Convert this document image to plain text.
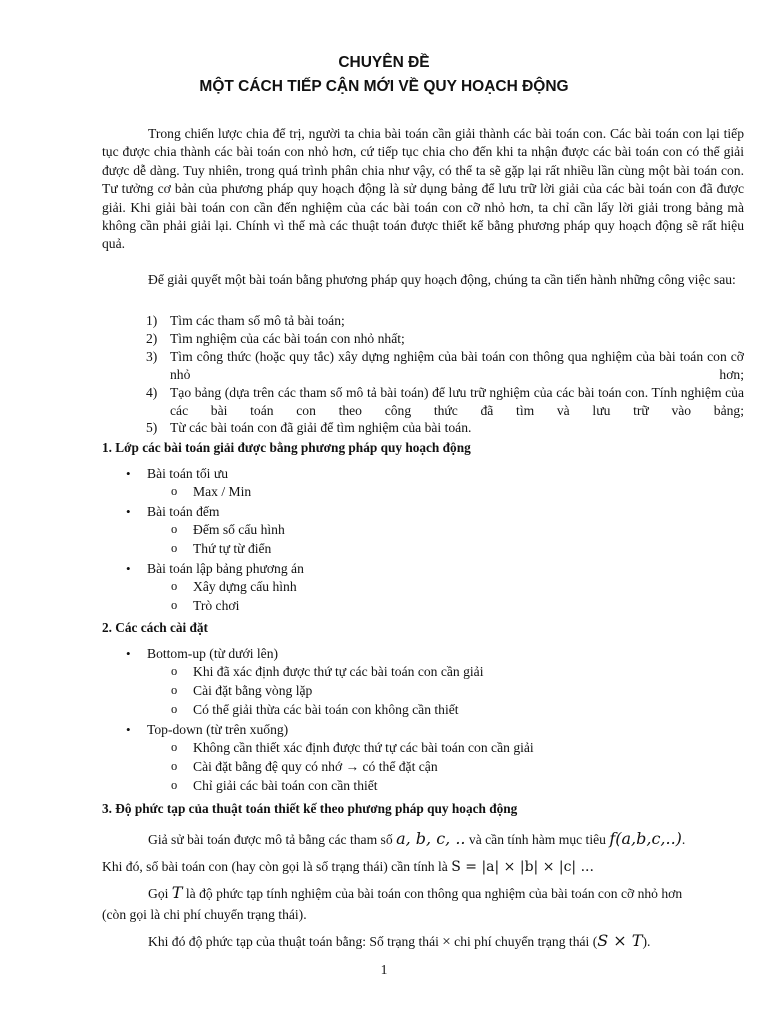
CHUYÊN ĐỀ
MỘT CÁCH TIẾP CẬN MỚI VỀ QUY HOẠCH ĐỘNG

Trong chiến lược chia để trị, người ta chia bài toán cần giải thành các bài toán con. Các bài toán con lại tiếp tục được chia thành các bài toán con nhỏ hơn, cứ tiếp tục chia cho đến khi ta nhận được các bài toán con có thể giải được dễ dàng. Tuy nhiên, trong quá trình phân chia như vậy, có thể ta sẽ gặp lại rất nhiều lần cùng một bài toán con. Tư tưởng cơ bản của phương pháp quy hoạch động là sử dụng bảng để lưu trữ lời giải của các bài toán con đã được giải. Khi giải bài toán con cần đến nghiệm của các bài toán con cỡ nhỏ hơn, ta chỉ cần lấy lời giải trong bảng mà không cần phải giải lại. Chính vì thế mà các thuật toán được thiết kế bằng phương pháp quy hoạch động sẽ rất hiệu quả.

Để giải quyết một bài toán bằng phương pháp quy hoạch động, chúng ta cần tiến hành những công việc sau:

1) Tìm các tham số mô tả bài toán;
2) Tìm nghiệm của các bài toán con nhỏ nhất;
3) Tìm công thức (hoặc quy tắc) xây dựng nghiệm của bài toán con thông qua nghiệm của bài toán con cỡ nhỏ hơn;
4) Tạo bảng (dựa trên các tham số mô tả bài toán) để lưu trữ nghiệm của các bài toán con. Tính nghiệm của các bài toán con theo công thức đã tìm và lưu trữ vào bảng;
5) Từ các bài toán con đã giải để tìm nghiệm của bài toán.
1. Lớp các bài toán giải được bằng phương pháp quy hoạch động
• Bài toán tối ưu
o Max / Min
• Bài toán đếm
o Đếm số cấu hình
o Thứ tự từ điển
• Bài toán lập bảng phương án
o Xây dựng cấu hình
o Trò chơi
2. Các cách cài đặt
• Bottom-up (từ dưới lên)
o Khi đã xác định được thứ tự các bài toán con cần giải
o Cài đặt bằng vòng lặp
o Có thể giải thừa các bài toán con không cần thiết
• Top-down (từ trên xuống)
o Không cần thiết xác định được thứ tự các bài toán con cần giải
o Cài đặt bằng đệ quy có nhớ → có thể đặt cận
o Chỉ giải các bài toán con cần thiết
3. Độ phức tạp của thuật toán thiết kế theo phương pháp quy hoạch động
Giả sử bài toán được mô tả bằng các tham số a, b, c, .. và cần tính hàm mục tiêu f(a,b,c,..).
Khi đó, số bài toán con (hay còn gọi là số trạng thái) cần tính là S = |a| × |b| × |c| ...
Gọi T là độ phức tạp tính nghiệm của bài toán con thông qua nghiệm của bài toán con cỡ nhỏ hơn
(còn gọi là chi phí chuyển trạng thái).
Khi đó độ phức tạp của thuật toán bằng: Số trạng thái × chi phí chuyển trạng thái (S × T).
1
